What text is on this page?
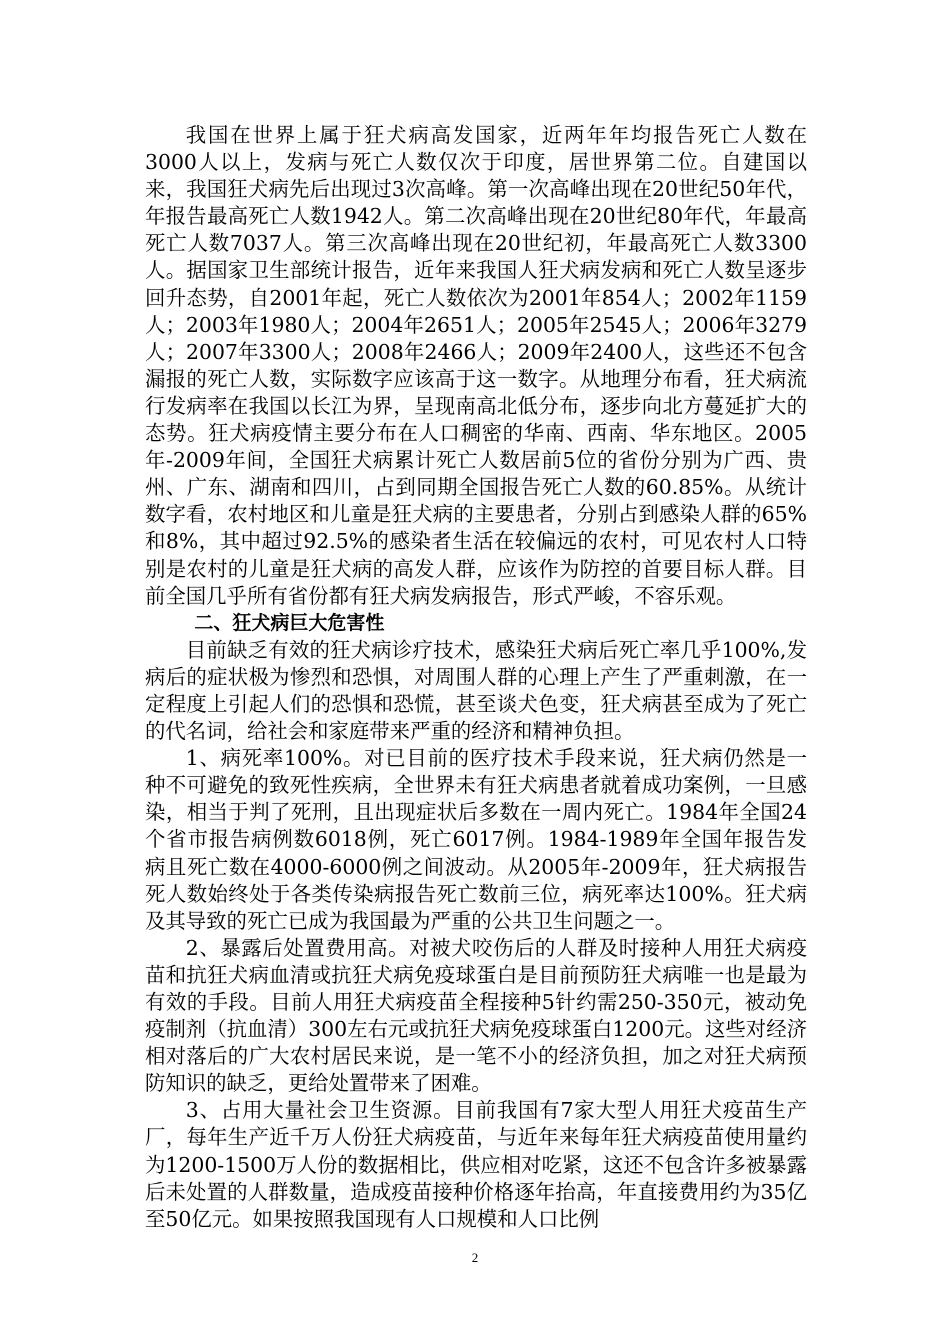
我国在世界上属于狂犬病高发国家，近两年年均报告死亡人数在3000人以上，发病与死亡人数仅次于印度，居世界第二位。自建国以来，我国狂犬病先后出现过3次高峰。第一次高峰出现在20世纪50年代，年报告最高死亡人数1942人。第二次高峰出现在20世纪80年代，年最高死亡人数7037人。第三次高峰出现在20世纪初，年最高死亡人数3300人。据国家卫生部统计报告，近年来我国人狂犬病发病和死亡人数呈逐步回升态势，自2001年起，死亡人数依次为2001年854人；2002年1159人；2003年1980人；2004年2651人；2005年2545人；2006年3279人；2007年3300人；2008年2466人；2009年2400人，这些还不包含漏报的死亡人数，实际数字应该高于这一数字。从地理分布看，狂犬病流行发病率在我国以长江为界，呈现南高北低分布，逐步向北方蔓延扩大的态势。狂犬病疫情主要分布在人口稠密的华南、西南、华东地区。2005年-2009年间，全国狂犬病累计死亡人数居前5位的省份分别为广西、贵州、广东、湖南和四川，占到同期全国报告死亡人数的60.85%。从统计数字看，农村地区和儿童是狂犬病的主要患者，分别占到感染人群的65%和8%，其中超过92.5%的感染者生活在较偏远的农村，可见农村人口特别是农村的儿童是狂犬病的高发人群，应该作为防控的首要目标人群。目前全国几乎所有省份都有狂犬病发病报告，形式严峻，不容乐观。

二、狂犬病巨大危害性

目前缺乏有效的狂犬病诊疗技术，感染狂犬病后死亡率几乎100%,发病后的症状极为惨烈和恐惧，对周围人群的心理上产生了严重刺激，在一定程度上引起人们的恐惧和恐慌，甚至谈犬色变，狂犬病甚至成为了死亡的代名词，给社会和家庭带来严重的经济和精神负担。

1、病死率100%。对已目前的医疗技术手段来说，狂犬病仍然是一种不可避免的致死性疾病，全世界未有狂犬病患者就着成功案例，一旦感染，相当于判了死刑，且出现症状后多数在一周内死亡。1984年全国24个省市报告病例数6018例，死亡6017例。1984-1989年全国年报告发病且死亡数在4000-6000例之间波动。从2005年-2009年，狂犬病报告死人数始终处于各类传染病报告死亡数前三位，病死率达100%。狂犬病及其导致的死亡已成为我国最为严重的公共卫生问题之一。

2、暴露后处置费用高。对被犬咬伤后的人群及时接种人用狂犬病疫苗和抗狂犬病血清或抗狂犬病免疫球蛋白是目前预防狂犬病唯一也是最为有效的手段。目前人用狂犬病疫苗全程接种5针约需250-350元，被动免疫制剂（抗血清）300左右元或抗狂犬病免疫球蛋白1200元。这些对经济相对落后的广大农村居民来说，是一笔不小的经济负担，加之对狂犬病预防知识的缺乏，更给处置带来了困难。

3、占用大量社会卫生资源。目前我国有7家大型人用狂犬疫苗生产厂，每年生产近千万人份狂犬病疫苗，与近年来每年狂犬病疫苗使用量约为1200-1500万人份的数据相比，供应相对吃紧，这还不包含许多被暴露后未处置的人群数量，造成疫苗接种价格逐年抬高，年直接费用约为35亿至50亿元。如果按照我国现有人口规模和人口比例

2
